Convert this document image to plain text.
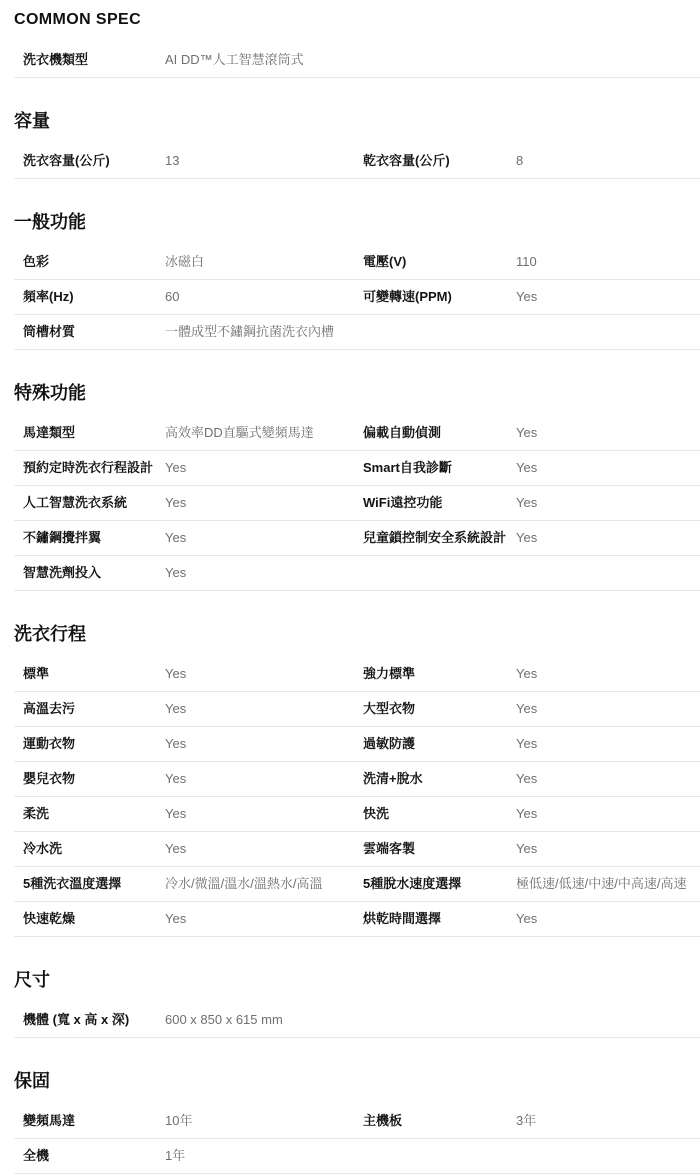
COMMON SPEC
洗衣機類型	AI DD™人工智慧滾筒式
容量
洗衣容量(公斤)	13	乾衣容量(公斤)	8
一般功能
色彩	冰磁白	電壓(V)	110
頻率(Hz)	60	可變轉速(PPM)	Yes
筒槽材質	一體成型不鏽鋼抗菌洗衣內槽
特殊功能
馬達類型	高效率DD直驅式變頻馬達	偏載自動偵測	Yes
預約定時洗衣行程設計 Yes	Smart自我診斷	Yes
人工智慧洗衣系統	Yes	WiFi遠控功能	Yes
不鏽鋼攪拌翼	Yes	兒童鎖控制安全系統設計 Yes
智慧洗劑投入	Yes
洗衣行程
標準	Yes	強力標準	Yes
高溫去污	Yes	大型衣物	Yes
運動衣物	Yes	過敏防護	Yes
嬰兒衣物	Yes	洗清+脫水	Yes
柔洗	Yes	快洗	Yes
冷水洗	Yes	雲端客製	Yes
5種洗衣溫度選擇	冷水/微溫/溫水/溫熱水/高溫	5種脫水速度選擇	極低速/低速/中速/中高速/高速
快速乾燥	Yes	烘乾時間選擇	Yes
尺寸
機體 (寬 x 高 x 深)	600 x 850 x 615 mm
保固
變頻馬達	10年	主機板	3年
全機	1年
